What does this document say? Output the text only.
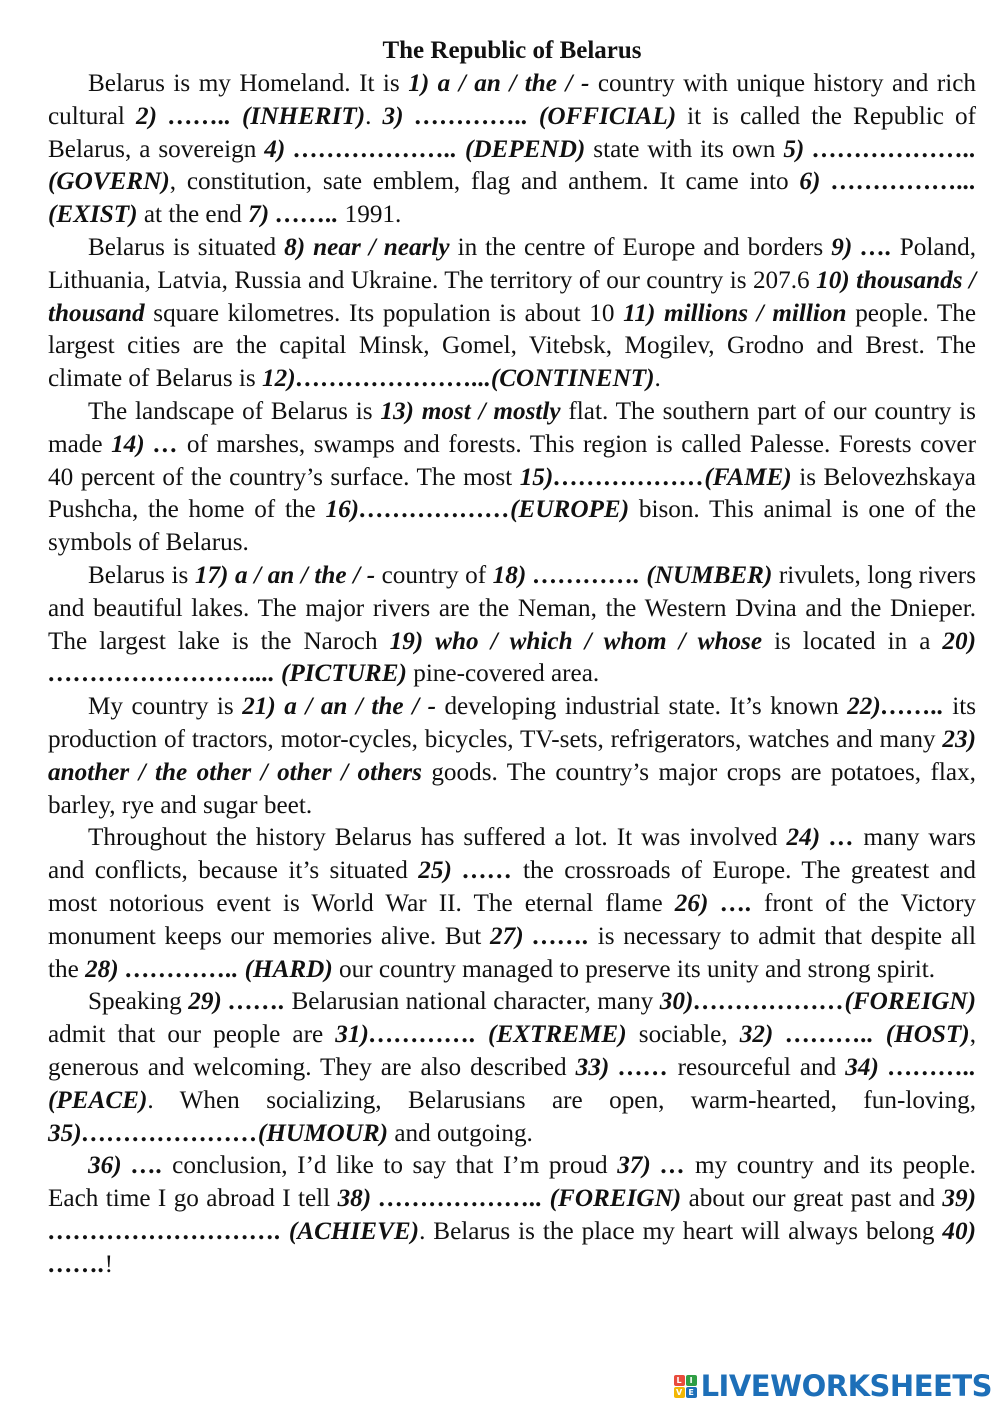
The Republic of Belarus

Belarus is my Homeland. It is 1) a / an / the / - country with unique history and rich cultural 2) …….. (INHERIT). 3) ………….. (OFFICIAL) it is called the Republic of Belarus, a sovereign 4) ……………….. (DEPEND) state with its own 5) ……………….. (GOVERN), constitution, sate emblem, flag and anthem. It came into 6) ……………... (EXIST) at the end 7) …….. 1991.

Belarus is situated 8) near / nearly in the centre of Europe and borders 9) …. Poland, Lithuania, Latvia, Russia and Ukraine. The territory of our country is 207.6 10) thousands / thousand square kilometres. Its population is about 10 11) millions / million people. The largest cities are the capital Minsk, Gomel, Vitebsk, Mogilev, Grodno and Brest. The climate of Belarus is 12)…………………...(CONTINENT).

The landscape of Belarus is 13) most / mostly flat. The southern part of our country is made 14) … of marshes, swamps and forests. This region is called Palesse. Forests cover 40 percent of the country’s surface. The most 15)………………(FAME) is Belovezhskaya Pushcha, the home of the 16)………………(EUROPE) bison. This animal is one of the symbols of Belarus.

Belarus is 17) a / an / the / - country of 18) …………. (NUMBER) rivulets, long rivers and beautiful lakes. The major rivers are the Neman, the Western Dvina and the Dnieper. The largest lake is the Naroch 19) who / which / whom / whose is located in a 20) …………………….... (PICTURE) pine-covered area.

My country is 21) a / an / the / - developing industrial state. It’s known 22)…….. its production of tractors, motor-cycles, bicycles, TV-sets, refrigerators, watches and many 23) another / the other / other / others goods. The country’s major crops are potatoes, flax, barley, rye and sugar beet.

Throughout the history Belarus has suffered a lot. It was involved 24) … many wars and conflicts, because it’s situated 25) …… the crossroads of Europe. The greatest and most notorious event is World War II. The eternal flame 26) …. front of the Victory monument keeps our memories alive. But 27) ……. is necessary to admit that despite all the 28) ………….. (HARD) our country managed to preserve its unity and strong spirit.

Speaking 29) ……. Belarusian national character, many 30)………………(FOREIGN) admit that our people are 31)…………. (EXTREME) sociable, 32) ……….. (HOST), generous and welcoming. They are also described 33) …… resourceful and 34) ……….. (PEACE). When socializing, Belarusians are open, warm-hearted, fun-loving, 35)…………………(HUMOUR) and outgoing.

36) …. conclusion, I’d like to say that I’m proud 37) … my country and its people. Each time I go abroad I tell 38) ……………….. (FOREIGN) about our great past and 39) ………………………. (ACHIEVE). Belarus is the place my heart will always belong 40) …….!

L I
V E LIVEWORKSHEETS
